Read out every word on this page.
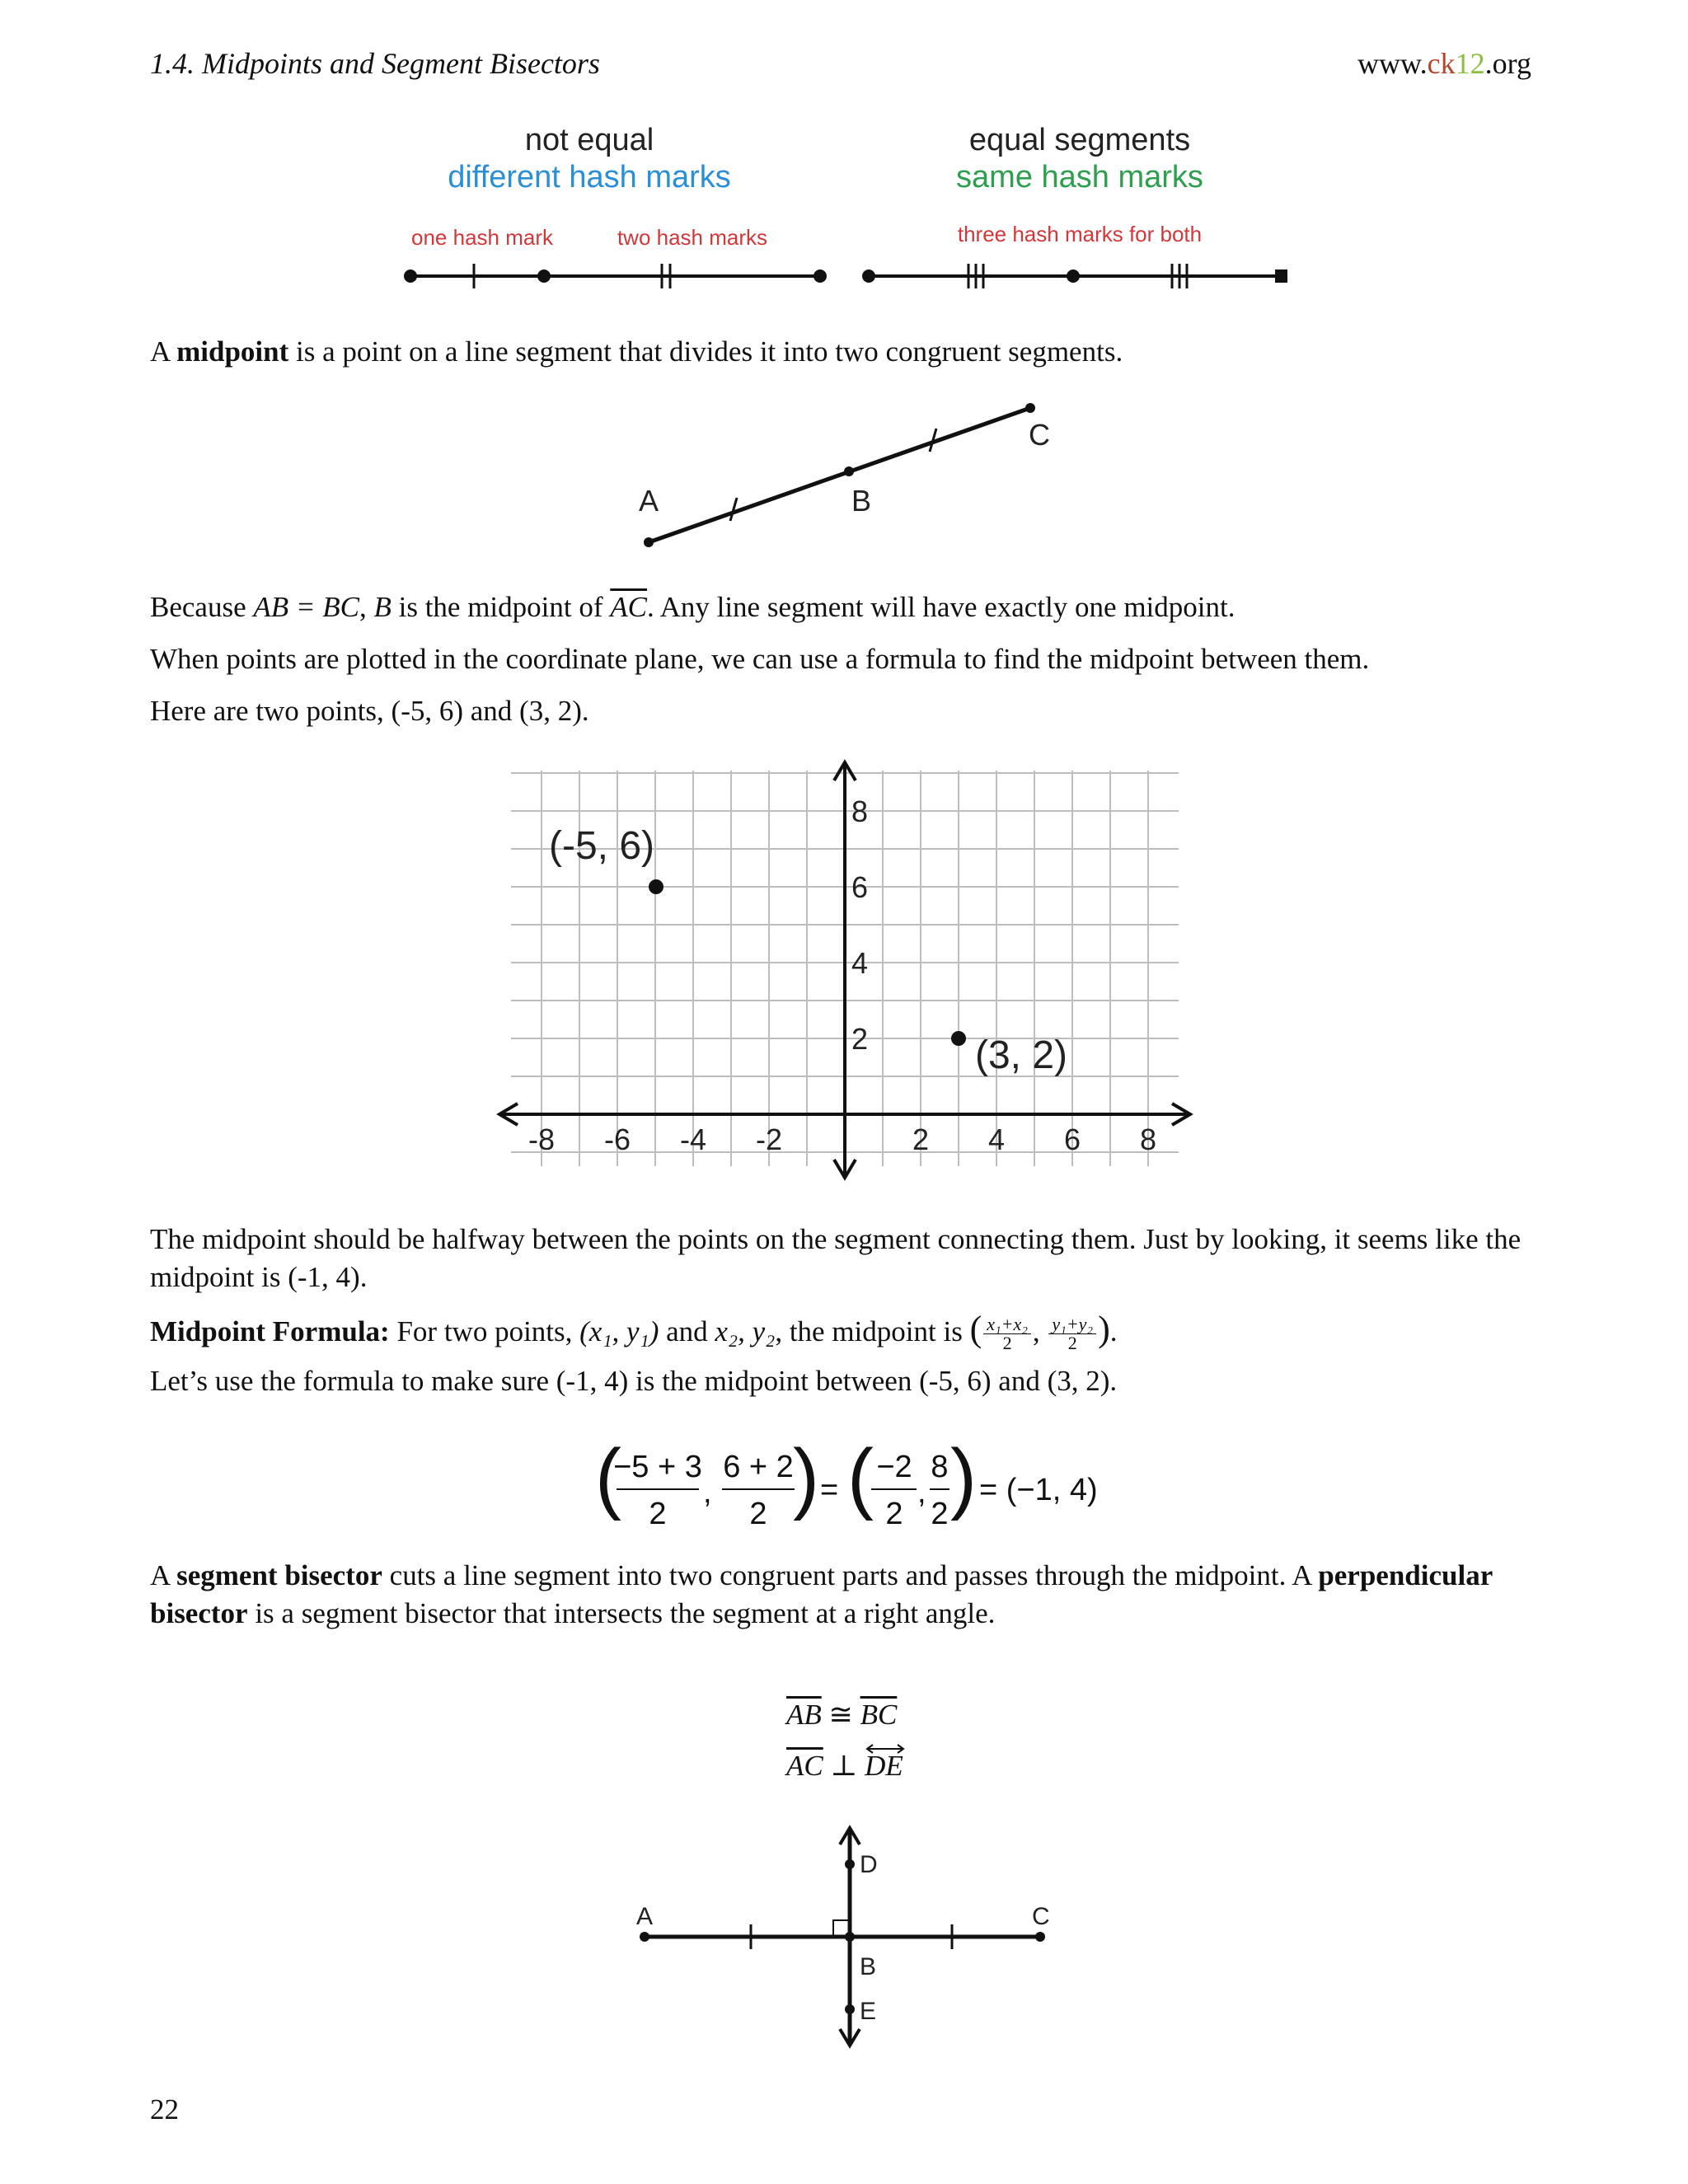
1.4. Midpoints and Segment Bisectors	www.ck12.org
not equal
different hash marks
one hash mark	two hash marks
equal segments
same hash marks
three hash marks for both
A midpoint is a point on a line segment that divides it into two congruent segments.
A	B
C
Because AB = BC, B is the midpoint of $\overline{AC}$. Any line segment will have exactly one midpoint.
When points are plotted in the coordinate plane, we can use a formula to find the midpoint between them.
Here are two points, (-5, 6) and (3, 2).
-8 -6 -4 -2	2 4 6 8
2
4
6
8
(-5, 6)
(3, 2)
The midpoint should be halfway between the points on the segment connecting them. Just by looking, it seems like the midpoint is (-1, 4).
Midpoint Formula: For two points, (x₁, y₁) and x₂, y₂, the midpoint is ( $\frac{\text{x₁+x₂}}{2}$ , $\frac{\text{y₁+y₂}}{2}$ ).
Let’s use the formula to make sure (-1, 4) is the midpoint between (-5, 6) and (3, 2).
(
−5 + 3
2
,
6 + 2
2 ) = ( −2
2
,
8
2 ) = (−1, 4)
A segment bisector cuts a line segment into two congruent parts and passes through the midpoint. A perpendicular bisector is a segment bisector that intersects the segment at a right angle.
$\overline{AB}$ ≅ $\overline{BC}$
$\overline{AC}$ ⊥
DE
A
B
C
D
E
22
